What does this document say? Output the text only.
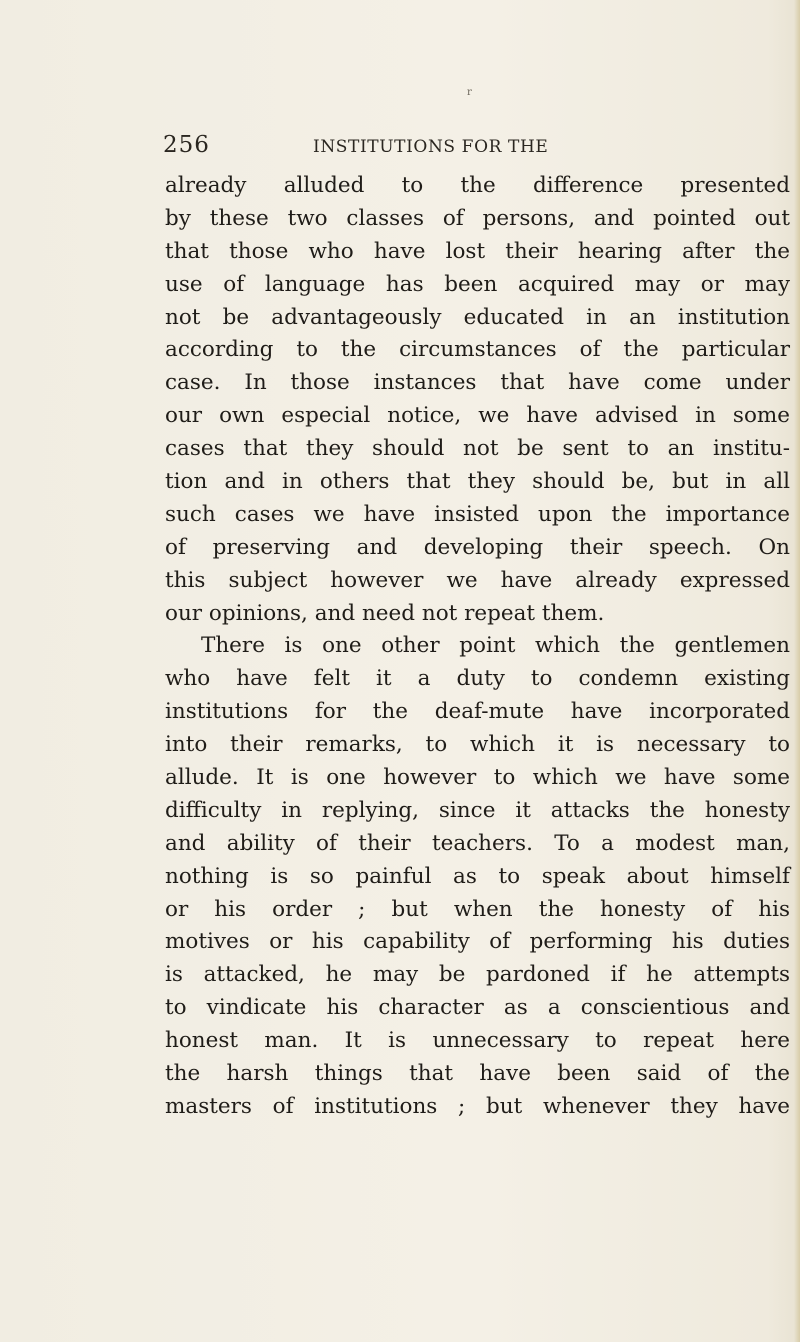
r
256	INSTITUTIONS FOR THE
already alluded to the difference presented
by these two classes of persons, and pointed out
that those who have lost their hearing after the
use of language has been acquired may or may
not be advantageously educated in an institution
according to the circumstances of the particular
case. In those instances that have come under
our own especial notice, we have advised in some
cases that they should not be sent to an institu-
tion and in others that they should be, but in all
such cases we have insisted upon the importance
of preserving and developing their speech. On
this subject however we have already expressed
our opinions, and need not repeat them.
There is one other point which the gentlemen
who have felt it a duty to condemn existing
institutions for the deaf-mute have incorporated
into their remarks, to which it is necessary to
allude. It is one however to which we have some
difficulty in replying, since it attacks the honesty
and ability of their teachers. To a modest man,
nothing is so painful as to speak about himself
or his order ; but when the honesty of his
motives or his capability of performing his duties
is attacked, he may be pardoned if he attempts
to vindicate his character as a conscientious and
honest man. It is unnecessary to repeat here
the harsh things that have been said of the
masters of institutions ; but whenever they have
